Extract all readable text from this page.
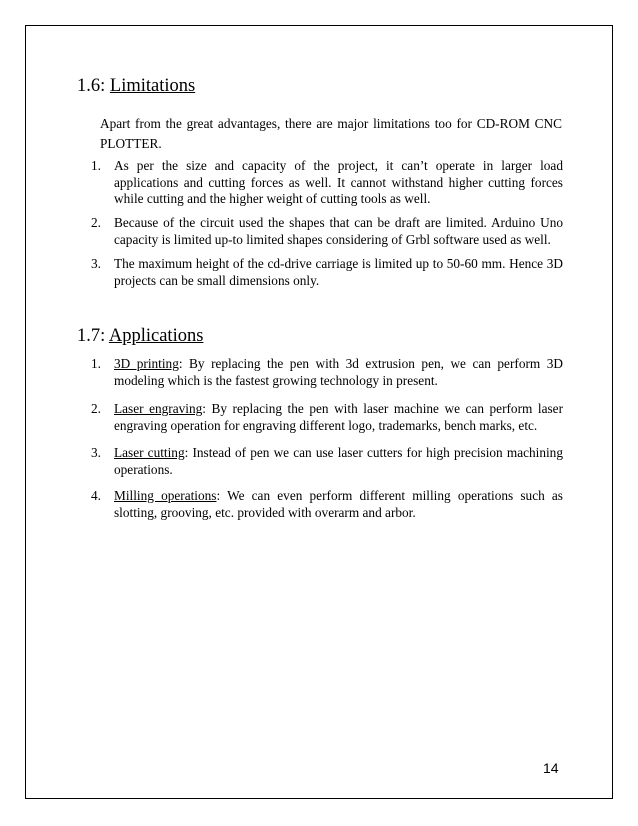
1.6: Limitations

Apart from the great advantages, there are major limitations too for CD-ROM CNC PLOTTER.

1. As per the size and capacity of the project, it can’t operate in larger load applications and cutting forces as well. It cannot withstand higher cutting forces while cutting and the higher weight of cutting tools as well.
2. Because of the circuit used the shapes that can be draft are limited. Arduino Uno capacity is limited up-to limited shapes considering of Grbl software used as well.
3. The maximum height of the cd-drive carriage is limited up to 50-60 mm. Hence 3D projects can be small dimensions only.
1.7: Applications
1. 3D printing: By replacing the pen with 3d extrusion pen, we can perform 3D modeling which is the fastest growing technology in present.
2. Laser engraving: By replacing the pen with laser machine we can perform laser engraving operation for engraving different logo, trademarks, bench marks, etc.
3. Laser cutting: Instead of pen we can use laser cutters for high precision machining operations.
4. Milling operations: We can even perform different milling operations such as slotting, grooving, etc. provided with overarm and arbor.
14
